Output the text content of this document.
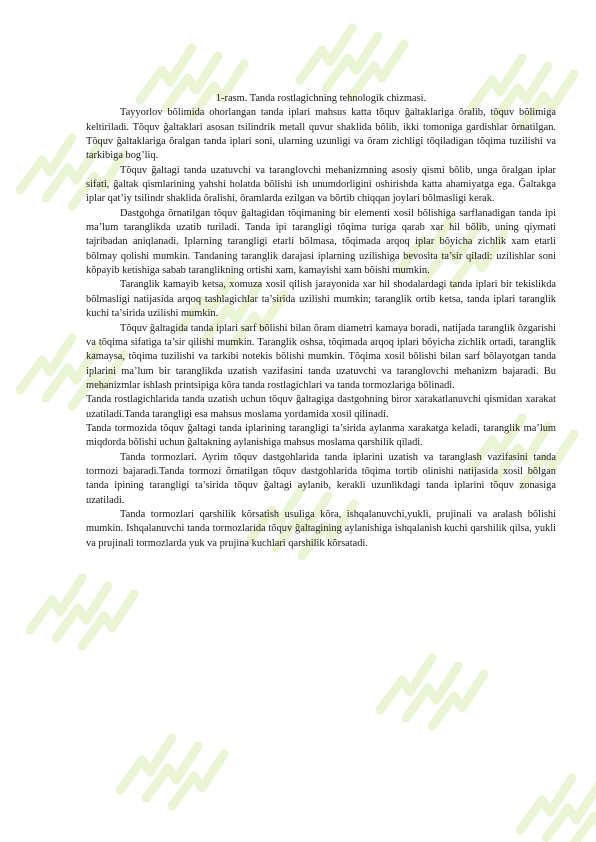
1-rasm. Tanda rostlagichning tehnologik chizmasi.

Tayyorlov bŏlimida ohorlangan tanda iplari mahsus katta tŏquv ğaltaklariga ŏralib, tŏquv bŏlimiga keltiriladi. Tŏquv ğaltaklari asosan tsilindrik metall quvur shaklida bŏlib, ikki tomoniga gardishlar ŏrnatilgan. Tŏquv ğaltaklariga ŏralgan tanda iplari soni, ularning uzunligi va ŏram zichligi tŏqiladigan tŏqima tuzilishi va tarkibiga bog’liq.

Tŏquv ğaltagi tanda uzatuvchi va taranglovchi mehanizmning asosiy qismi bŏlib, unga ŏralgan iplar sifati, ğaltak qismlarining yahshi holatda bŏlishi ish unumdorligini oshirishda katta ahamiyatga ega. Ğaltakga iplar qat’iy tsilindr shaklida ŏralishi, ŏramlarda ezilgan va bŏrtib chiqqan joylari bŏlmasligi kerak.

Dastgohga ŏrnatilgan tŏquv ğaltagidan tŏqimaning bir elementi xosil bŏlishiga sarflanadigan tanda ipi ma’lum taranglikda uzatib turiladi. Tanda ipi tarangligi tŏqima turiga qarab xar hil bŏlib, uning qiymati tajribadan aniqlanadi. Iplarning tarangligi etarli bŏlmasa, tŏqimada arqoq iplar bŏyicha zichlik xam etarli bŏlmay qolishi mumkin. Tandaning taranglik darajasi iplarning uzilishiga bevosita ta’sir qiladi: uzilishlar soni kŏpayib ketishiga sabab taranglikning ortishi xam, kamayishi xam bŏishi mumkin.

Taranglik kamayib ketsa, xomuza xosil qilish jarayonida xar hil shodalardagi tanda iplari bir tekislikda bŏlmasligi natijasida arqoq tashlagichlar ta’sirida uzilishi mumkin; taranglik ortib ketsa, tanda iplari taranglik kuchi ta’sirida uzilishi mumkin.

Tŏquv ğaltagida tanda iplari sarf bŏlishi bilan ŏram diametri kamaya boradi, natijada taranglik ŏzgarishi va tŏqima sifatiga ta’sir qilishi mumkin. Taranglik oshsa, tŏqimada arqoq iplari bŏyicha zichlik ortadi, taranglik kamaysa, tŏqima tuzilishi va tarkibi notekis bŏlishi mumkin. Tŏqima xosil bŏlishi bilan sarf bŏlayotgan tanda iplarini ma’lum bir taranglikda uzatish vazifasini tanda uzatuvchi va taranglovchi mehanizm bajaradi. Bu mehanizmlar ishlash printsipiga kŏra tanda rostlagichlari va tanda tormozlariga bŏlinadi.

Tanda rostlagichlarida tanda uzatish uchun tŏquv ğaltagiga dastgohning biror xarakatlanuvchi qismidan xarakat uzatiladi.Tanda tarangligi esa mahsus moslama yordamida xosil qilinadi.

Tanda tormozida tŏquv ğaltagi tanda iplarining tarangligi ta’sirida aylanma xarakatga keladi, taranglik ma’lum miqdorda bŏlishi uchun ğaltakning aylanishiga mahsus moslama qarshilik qiladi.

Tanda tormozlari. Ayrim tŏquv dastgohlarida tanda iplarini uzatish va taranglash vazifasini tanda tormozi bajaradi.Tanda tormozi ŏrnatilgan tŏquv dastgohlarida tŏqima tortib olinishi natijasida xosil bŏlgan tanda ipining tarangligi ta’sirida tŏquv ğaltagi aylanib, kerakli uzunlikdagi tanda iplarini tŏquv zonasiga uzatiladi.

Tanda tormozlari qarshilik kŏrsatish usuliga kŏra, ishqalanuvchi,yukli, prujinali va aralash bŏlishi mumkin. Ishqalanuvchi tanda tormozlarida tŏquv ğaltagining aylanishiga ishqalanish kuchi qarshilik qilsa, yukli va prujinali tormozlarda yuk va prujina kuchlari qarshilik kŏrsatadi.
